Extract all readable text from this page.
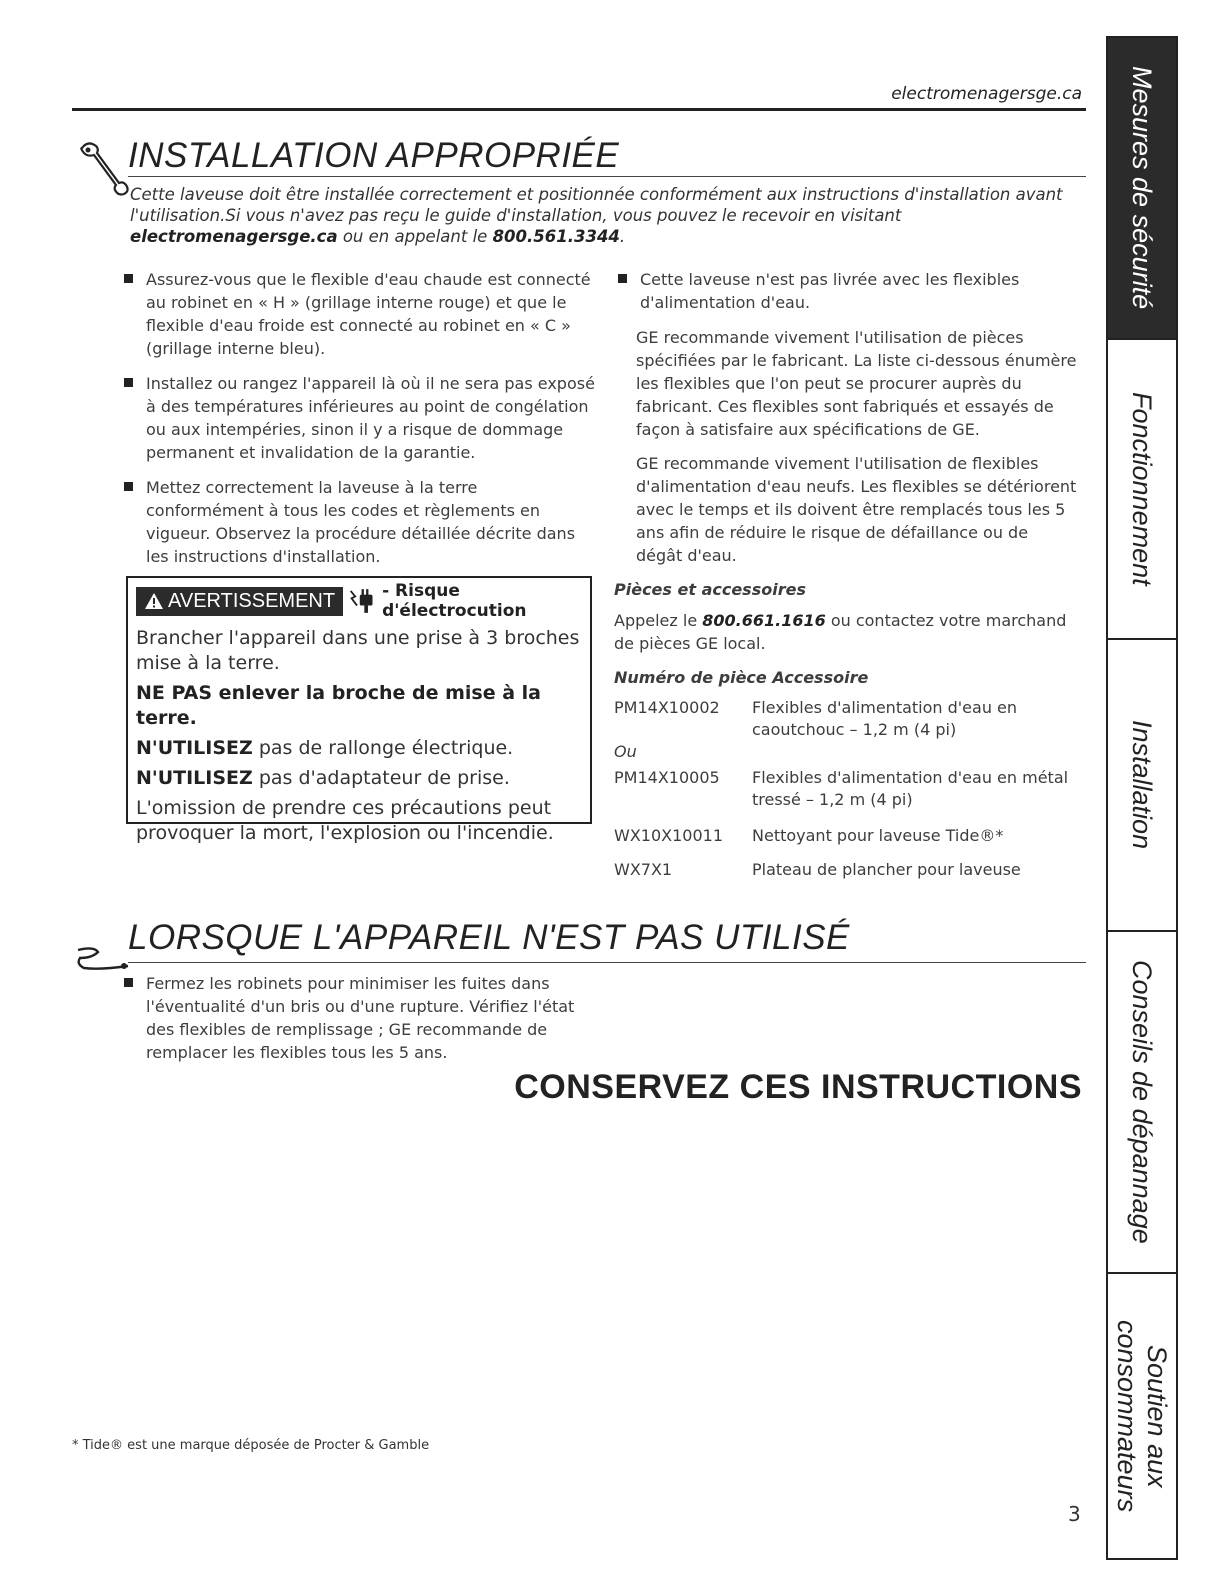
electromenagersge.ca
INSTALLATION APPROPRIÉE
Cette laveuse doit être installée correctement et positionnée conformément aux instructions d'installation avant l'utilisation.Si vous n'avez pas reçu le guide d'installation, vous pouvez le recevoir en visitant electromenagersge.ca ou en appelant le 800.561.3344.
Assurez-vous que le flexible d'eau chaude est connecté au robinet en « H » (grillage interne rouge) et que le flexible d'eau froide est connecté au robinet en « C » (grillage interne bleu).
Installez ou rangez l'appareil là où il ne sera pas exposé à des températures inférieures au point de congélation ou aux intempéries, sinon il y a risque de dommage permanent et invalidation de la garantie.
Mettez correctement la laveuse à la terre conformément à tous les codes et règlements en vigueur. Observez la procédure détaillée décrite dans les instructions d'installation.
AVERTISSEMENT	- Risque d'électrocution

Brancher l'appareil dans une prise à 3 broches mise à la terre.

NE PAS enlever la broche de mise à la terre.

N'UTILISEZ pas de rallonge électrique.

N'UTILISEZ pas d'adaptateur de prise.

L'omission de prendre ces précautions peut provoquer la mort, l'explosion ou l'incendie.

Cette laveuse n'est pas livrée avec les flexibles d'alimentation d'eau.

GE recommande vivement l'utilisation de pièces spécifiées par le fabricant. La liste ci-dessous énumère les flexibles que l'on peut se procurer auprès du fabricant. Ces flexibles sont fabriqués et essayés de façon à satisfaire aux spécifications de GE.

GE recommande vivement l'utilisation de flexibles d'alimentation d'eau neufs. Les flexibles se détériorent avec le temps et ils doivent être remplacés tous les 5 ans afin de réduire le risque de défaillance ou de dégât d'eau.

Pièces et accessoires

Appelez le 800.661.1616 ou contactez votre marchand de pièces GE local.

Numéro de pièce Accessoire

PM14X10002	Flexibles d'alimentation d'eau en caoutchouc – 1,2 m (4 pi)
Ou	
PM14X10005	Flexibles d'alimentation d'eau en métal tressé – 1,2 m (4 pi)
WX10X10011	Nettoyant pour laveuse Tide®*
WX7X1	Plateau de plancher pour laveuse
LORSQUE L'APPAREIL N'EST PAS UTILISÉ
Fermez les robinets pour minimiser les fuites dans l'éventualité d'un bris ou d'une rupture. Vérifiez l'état des flexibles de remplissage ; GE recommande de remplacer les flexibles tous les 5 ans.
CONSERVEZ CES INSTRUCTIONS
* Tide® est une marque déposée de Procter & Gamble
3
Mesures de sécurité
Fonctionnement
Installation
Conseils de dépannage
Soutien aux
consommateurs
